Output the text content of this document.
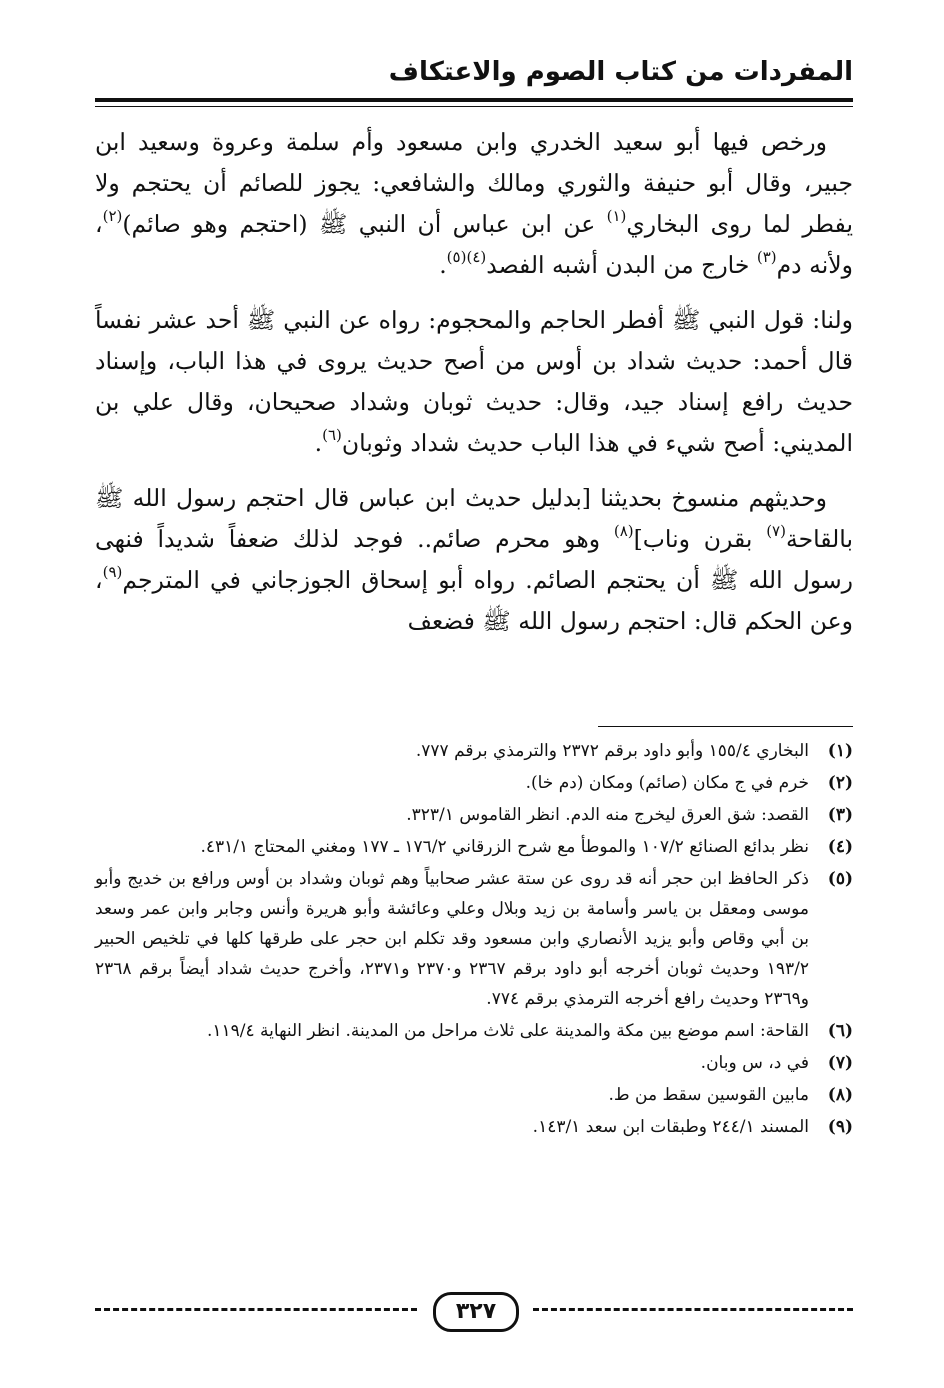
المفردات من كتاب الصوم والاعتكاف

ورخص فيها أبو سعيد الخدري وابن مسعود وأم سلمة وعروة وسعيد ابن جبير، وقال أبو حنيفة والثوري ومالك والشافعي: يجوز للصائم أن يحتجم ولا يفطر لما روى البخاري$^{(١)}$ عن ابن عباس أن النبي ﷺ (احتجم وهو صائم)$^{(٢)}$، ولأنه دم$^{(٣)}$ خارج من البدن أشبه الفصد$^{(٤)(٥)}$.

ولنا: قول النبي ﷺ أفطر الحاجم والمحجوم: رواه عن النبي ﷺ أحد عشر نفساً قال أحمد: حديث شداد بن أوس من أصح حديث يروى في هذا الباب، وإسناد حديث رافع إسناد جيد، وقال: حديث ثوبان وشداد صحيحان، وقال علي بن المديني: أصح شيء في هذا الباب حديث شداد وثوبان$^{(٦)}$.

وحديثهم منسوخ بحديثنا [بدليل حديث ابن عباس قال احتجم رسول الله ﷺ بالقاحة$^{(٧)}$ بقرن وناب]$^{(٨)}$ وهو محرم صائم.. فوجد لذلك ضعفاً شديداً فنهى رسول الله ﷺ أن يحتجم الصائم. رواه أبو إسحاق الجوزجاني في المترجم$^{(٩)}$، وعن الحكم قال: احتجم رسول الله ﷺ فضعف

(١)
البخاري ١٥٥/٤ وأبو داود برقم ٢٣٧٢ والترمذي برقم ٧٧٧.
(٢)
خرم في ج مكان (صائم) ومكان (دم خا).
(٣)
القصد: شق العرق ليخرج منه الدم. انظر القاموس ٣٢٣/١.
(٤)
نظر بدائع الصنائع ١٠٧/٢ والموطأ مع شرح الزرقاني ١٧٦/٢ ـ ١٧٧ ومغني المحتاج ٤٣١/١.
(٥)
ذكر الحافظ ابن حجر أنه قد روى عن ستة عشر صحابياً وهم ثوبان وشداد بن أوس ورافع بن خديج وأبو موسى ومعقل بن ياسر وأسامة بن زيد وبلال وعلي وعائشة وأبو هريرة وأنس وجابر وابن عمر وسعد بن أبي وقاص وأبو يزيد الأنصاري وابن مسعود وقد تكلم ابن حجر على طرقها كلها في تلخيص الحبير ١٩٣/٢ وحديث ثوبان أخرجه أبو داود برقم ٢٣٦٧ و٢٣٧٠ و٢٣٧١، وأخرج حديث شداد أيضاً برقم ٢٣٦٨ و٢٣٦٩ وحديث رافع أخرجه الترمذي برقم ٧٧٤.
(٦)
القاحة: اسم موضع بين مكة والمدينة على ثلاث مراحل من المدينة. انظر النهاية ١١٩/٤.
(٧)
في د، س وبان.
(٨)
مابين القوسين سقط من ط.
(٩)
المسند ٢٤٤/١ وطبقات ابن سعد ١٤٣/١.
٣٢٧
